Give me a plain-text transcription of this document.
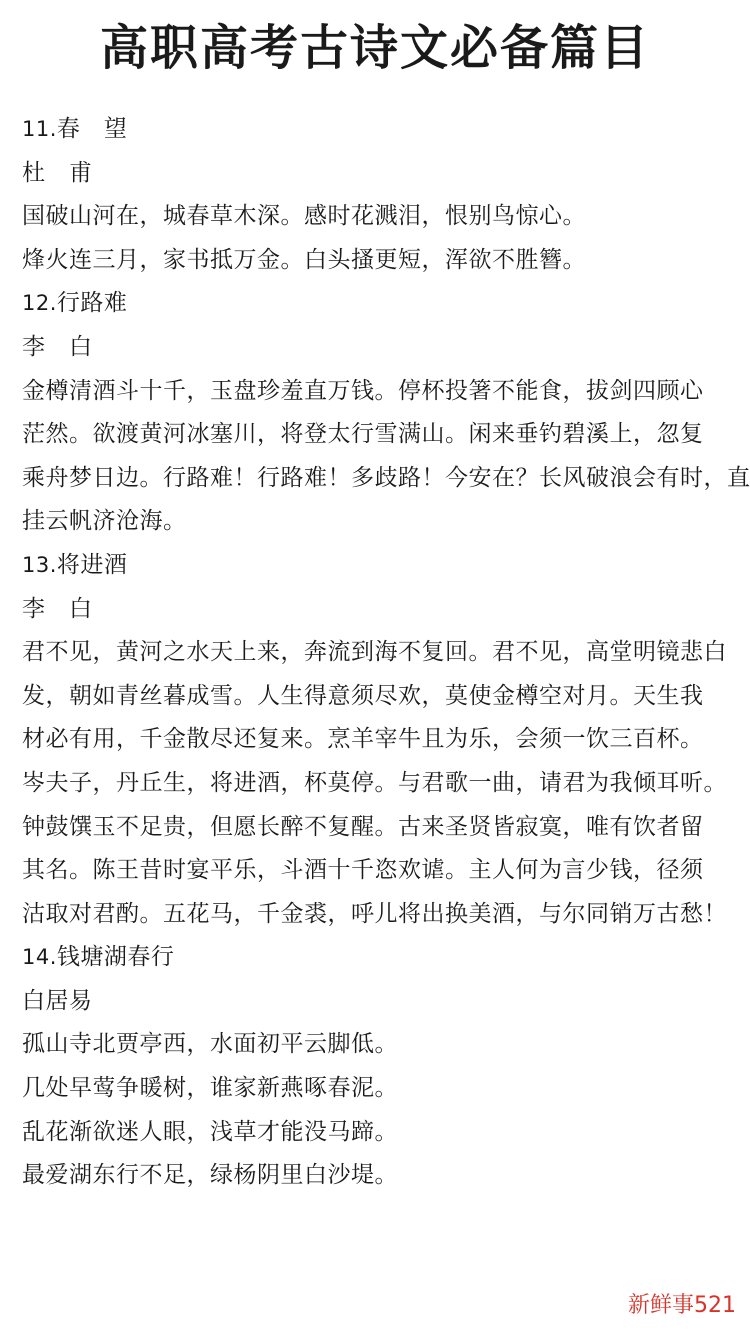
高职高考古诗文必备篇目
11.春　望
杜　甫
国破山河在，城春草木深。感时花溅泪，恨别鸟惊心。
烽火连三月，家书抵万金。白头搔更短，浑欲不胜簪。
12.行路难
李　白
金樽清酒斗十千，玉盘珍羞直万钱。停杯投箸不能食，拔剑四顾心
茫然。欲渡黄河冰塞川，将登太行雪满山。闲来垂钓碧溪上，忽复
乘舟梦日边。行路难！行路难！多歧路！今安在？长风破浪会有时，直
挂云帆济沧海。
13.将进酒
李　白
君不见，黄河之水天上来，奔流到海不复回。君不见，高堂明镜悲白
发，朝如青丝暮成雪。人生得意须尽欢，莫使金樽空对月。天生我
材必有用，千金散尽还复来。烹羊宰牛且为乐，会须一饮三百杯。
岑夫子，丹丘生，将进酒，杯莫停。与君歌一曲，请君为我倾耳听。
钟鼓馔玉不足贵，但愿长醉不复醒。古来圣贤皆寂寞，唯有饮者留
其名。陈王昔时宴平乐，斗酒十千恣欢谑。主人何为言少钱，径须
沽取对君酌。五花马，千金裘，呼儿将出换美酒，与尔同销万古愁！
14.钱塘湖春行
白居易
孤山寺北贾亭西，水面初平云脚低。
几处早莺争暖树，谁家新燕啄春泥。
乱花渐欲迷人眼，浅草才能没马蹄。
最爱湖东行不足，绿杨阴里白沙堤。
新鲜事521
